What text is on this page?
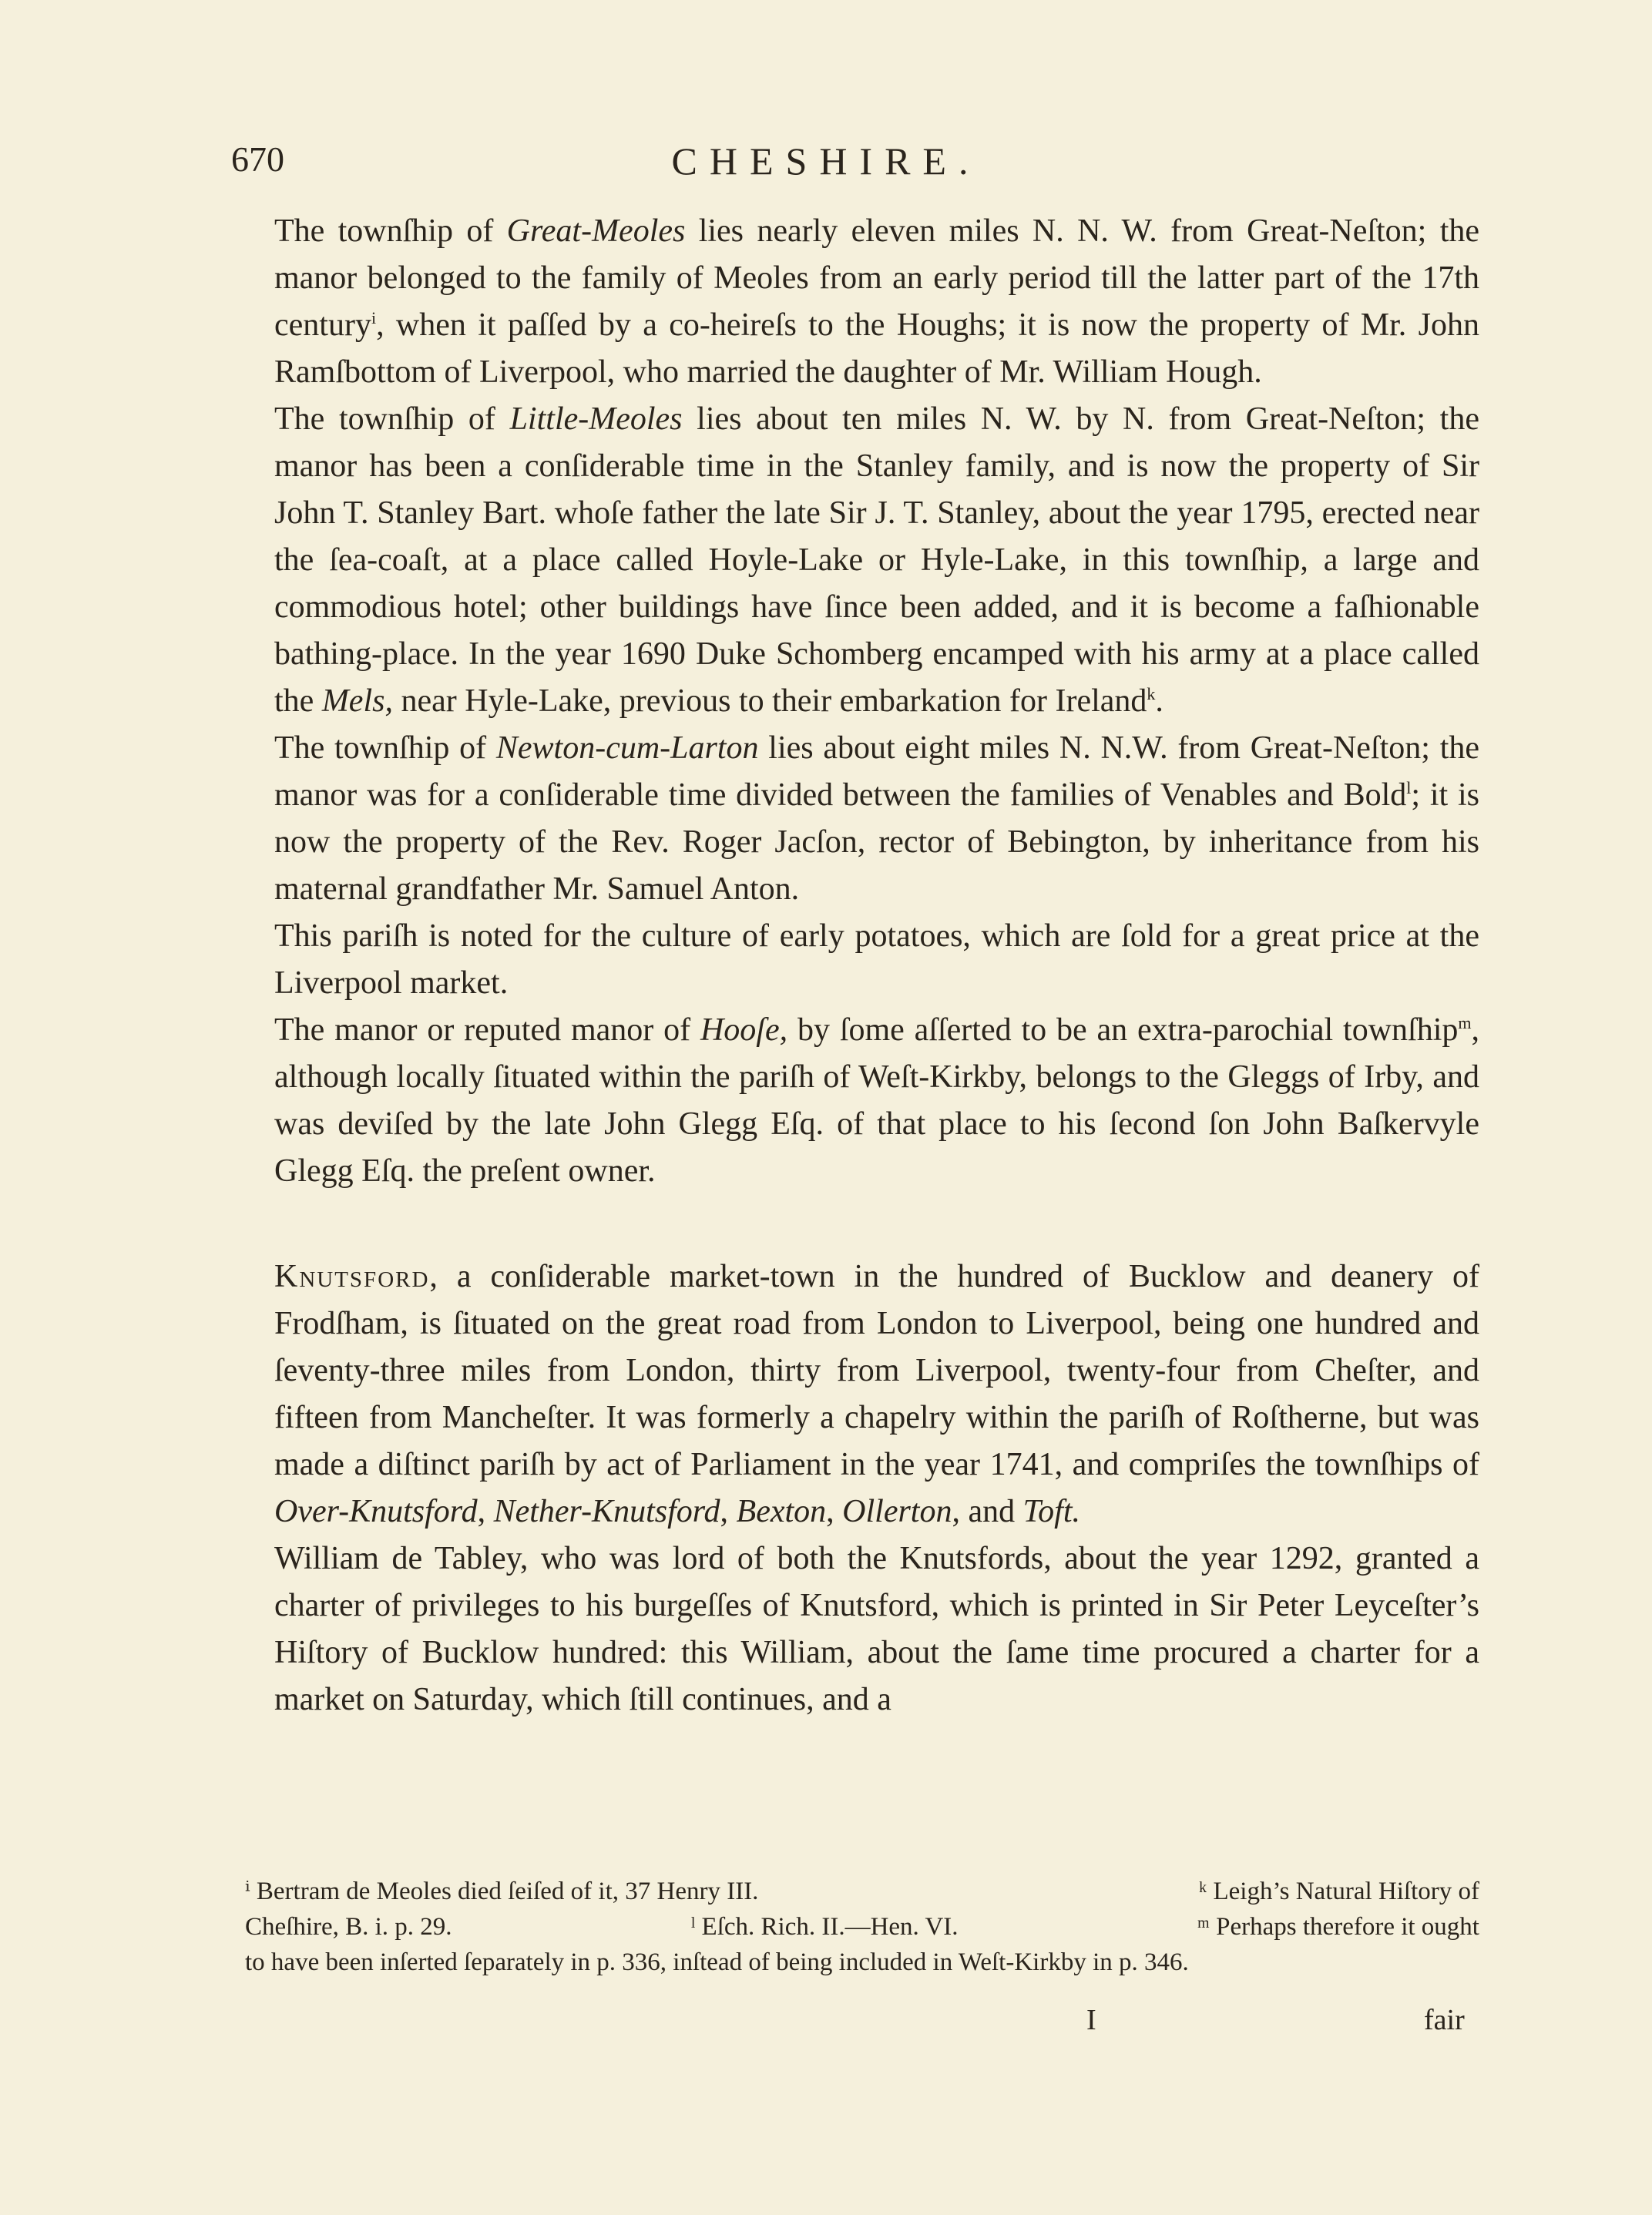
670	CHESHIRE.

The townſhip of Great-Meoles lies nearly eleven miles N. N. W. from Great-Neſton; the manor belonged to the family of Meoles from an early period till the latter part of the 17th century$^i$, when it paſſed by a co-heireſs to the Houghs; it is now the property of Mr. John Ramſbottom of Liverpool, who married the daughter of Mr. William Hough.

The townſhip of Little-Meoles lies about ten miles N. W. by N. from Great-Neſton; the manor has been a conſiderable time in the Stanley family, and is now the property of Sir John T. Stanley Bart. whoſe father the late Sir J. T. Stanley, about the year 1795, erected near the ſea-coaſt, at a place called Hoyle-Lake or Hyle-Lake, in this townſhip, a large and commodious hotel; other buildings have ſince been added, and it is become a faſhionable bathing-place. In the year 1690 Duke Schomberg encamped with his army at a place called the Mels, near Hyle-Lake, previous to their embarkation for Ireland$^k$.

The townſhip of Newton-cum-Larton lies about eight miles N. N.W. from Great-Neſton; the manor was for a conſiderable time divided between the families of Venables and Bold$^l$; it is now the property of the Rev. Roger Jacſon, rector of Bebington, by inheritance from his maternal grandfather Mr. Samuel Anton.

This pariſh is noted for the culture of early potatoes, which are ſold for a great price at the Liverpool market.

The manor or reputed manor of Hooſe, by ſome aſſerted to be an extra-parochial townſhip$^m$, although locally ſituated within the pariſh of Weſt-Kirkby, belongs to the Gleggs of Irby, and was deviſed by the late John Glegg Eſq. of that place to his ſecond ſon John Baſkervyle Glegg Eſq. the preſent owner.

Knutsford, a conſiderable market-town in the hundred of Bucklow and deanery of Frodſham, is ſituated on the great road from London to Liverpool, being one hundred and ſeventy-three miles from London, thirty from Liverpool, twenty-four from Cheſter, and fifteen from Mancheſter. It was formerly a chapelry within the pariſh of Roſtherne, but was made a diſtinct pariſh by act of Parliament in the year 1741, and compriſes the townſhips of Over-Knutsford, Nether-Knutsford, Bexton, Ollerton, and Toft.

William de Tabley, who was lord of both the Knutsfords, about the year 1292, granted a charter of privileges to his burgeſſes of Knutsford, which is printed in Sir Peter Leyceſter’s Hiſtory of Bucklow hundred: this William, about the ſame time procured a charter for a market on Saturday, which ſtill continues, and a

ⁱ Bertram de Meoles died ſeiſed of it, 37 Henry III.	ᵏ Leigh’s Natural Hiſtory of
Cheſhire, B. i. p. 29.	ˡ Eſch. Rich. II.—Hen. VI.	ᵐ Perhaps therefore it ought
to have been inſerted ſeparately in p. 336, inſtead of being included in Weſt-Kirkby in p. 346.
I	fair
